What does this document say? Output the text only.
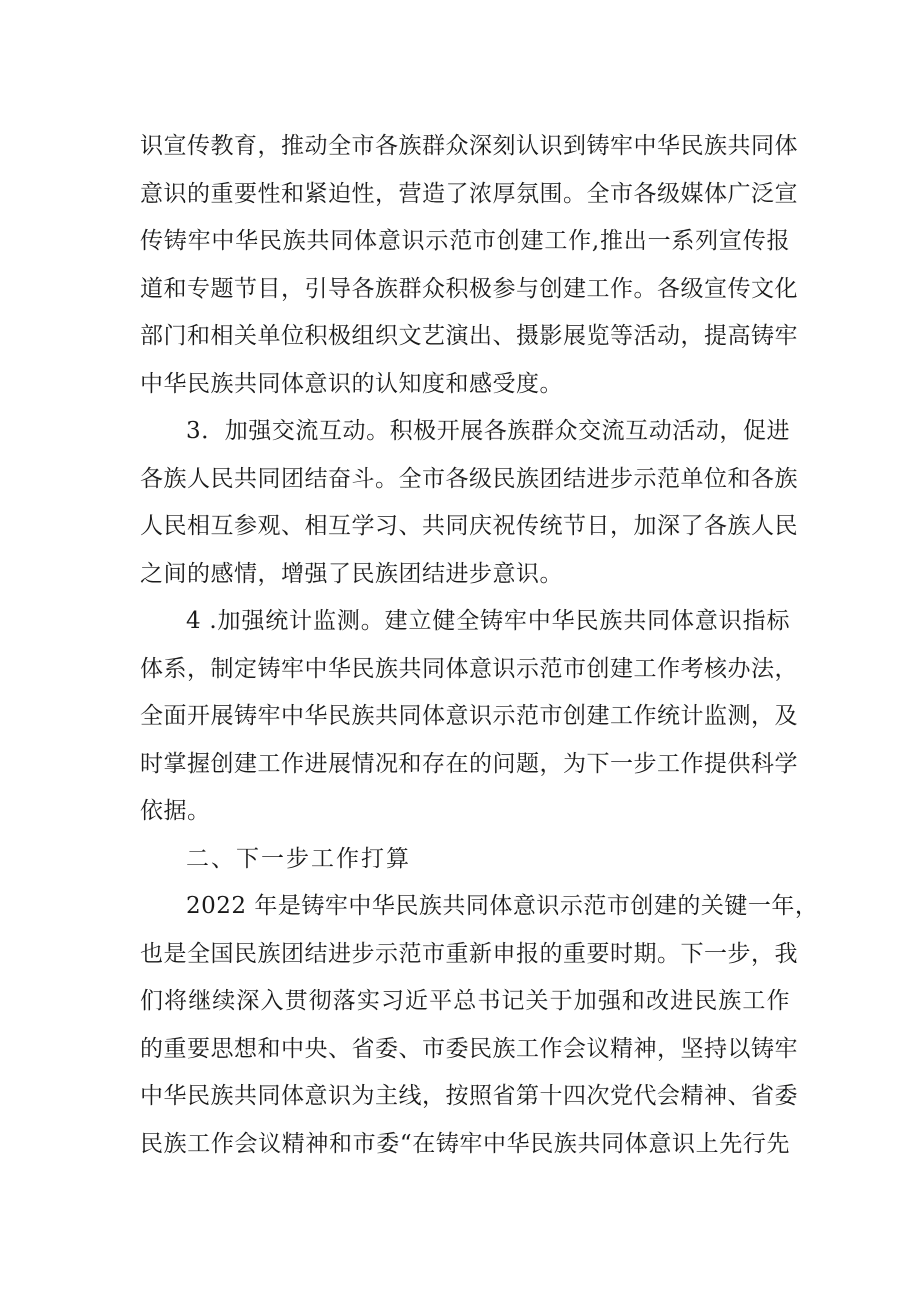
识宣传教育，推动全市各族群众深刻认识到铸牢中华民族共同体
意识的重要性和紧迫性，营造了浓厚氛围。全市各级媒体广泛宣
传铸牢中华民族共同体意识示范市创建工作,推出一系列宣传报
道和专题节目，引导各族群众积极参与创建工作。各级宣传文化
部门和相关单位积极组织文艺演出、摄影展览等活动，提高铸牢
中华民族共同体意识的认知度和感受度。
3．加强交流互动。积极开展各族群众交流互动活动，促进
各族人民共同团结奋斗。全市各级民族团结进步示范单位和各族
人民相互参观、相互学习、共同庆祝传统节日，加深了各族人民
之间的感情，增强了民族团结进步意识。
4 .加强统计监测。建立健全铸牢中华民族共同体意识指标
体系，制定铸牢中华民族共同体意识示范市创建工作考核办法，
全面开展铸牢中华民族共同体意识示范市创建工作统计监测，及
时掌握创建工作进展情况和存在的问题，为下一步工作提供科学
依据。
二、下一步工作打算
2022 年是铸牢中华民族共同体意识示范市创建的关键一年，
也是全国民族团结进步示范市重新申报的重要时期。下一步，我
们将继续深入贯彻落实习近平总书记关于加强和改进民族工作
的重要思想和中央、省委、市委民族工作会议精神，坚持以铸牢
中华民族共同体意识为主线，按照省第十四次党代会精神、省委
民族工作会议精神和市委“在铸牢中华民族共同体意识上先行先
